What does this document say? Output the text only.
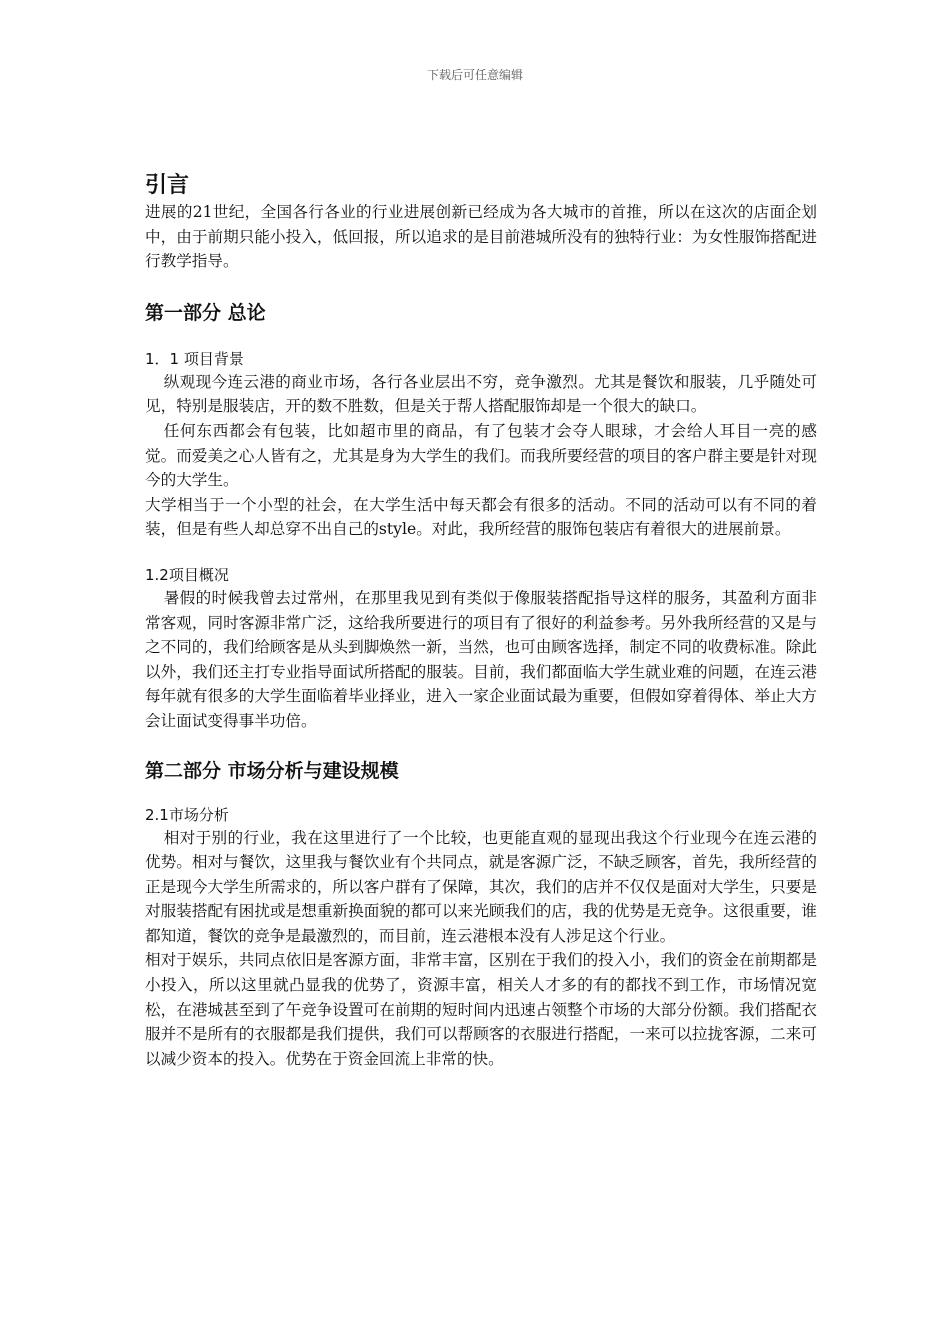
下载后可任意编辑
引言

进展的21世纪，全国各行各业的行业进展创新已经成为各大城市的首推，所以在这次的店面企划中，由于前期只能小投入，低回报，所以追求的是目前港城所没有的独特行业：为女性服饰搭配进行教学指导。

第一部分 总论
1．1 项目背景

纵观现今连云港的商业市场，各行各业层出不穷，竞争激烈。尤其是餐饮和服装，几乎随处可见，特别是服装店，开的数不胜数，但是关于帮人搭配服饰却是一个很大的缺口。

任何东西都会有包装，比如超市里的商品，有了包装才会夺人眼球，才会给人耳目一亮的感觉。而爱美之心人皆有之，尤其是身为大学生的我们。而我所要经营的项目的客户群主要是针对现今的大学生。

大学相当于一个小型的社会，在大学生活中每天都会有很多的活动。不同的活动可以有不同的着装，但是有些人却总穿不出自己的style。对此，我所经营的服饰包装店有着很大的进展前景。

1.2项目概况

暑假的时候我曾去过常州，在那里我见到有类似于像服装搭配指导这样的服务，其盈利方面非常客观，同时客源非常广泛，这给我所要进行的项目有了很好的利益参考。另外我所经营的又是与之不同的，我们给顾客是从头到脚焕然一新，当然，也可由顾客选择，制定不同的收费标准。除此以外，我们还主打专业指导面试所搭配的服装。目前，我们都面临大学生就业难的问题，在连云港每年就有很多的大学生面临着毕业择业，进入一家企业面试最为重要，但假如穿着得体、举止大方会让面试变得事半功倍。

第二部分 市场分析与建设规模
2.1市场分析

相对于别的行业，我在这里进行了一个比较，也更能直观的显现出我这个行业现今在连云港的优势。相对与餐饮，这里我与餐饮业有个共同点，就是客源广泛，不缺乏顾客，首先，我所经营的正是现今大学生所需求的，所以客户群有了保障，其次，我们的店并不仅仅是面对大学生，只要是对服装搭配有困扰或是想重新换面貌的都可以来光顾我们的店，我的优势是无竞争。这很重要，谁都知道，餐饮的竞争是最激烈的，而目前，连云港根本没有人涉足这个行业。

相对于娱乐，共同点依旧是客源方面，非常丰富，区别在于我们的投入小，我们的资金在前期都是小投入，所以这里就凸显我的优势了，资源丰富，相关人才多的有的都找不到工作，市场情况宽松，在港城甚至到了午竞争设置可在前期的短时间内迅速占领整个市场的大部分份额。我们搭配衣服并不是所有的衣服都是我们提供，我们可以帮顾客的衣服进行搭配，一来可以拉拢客源，二来可以减少资本的投入。优势在于资金回流上非常的快。
